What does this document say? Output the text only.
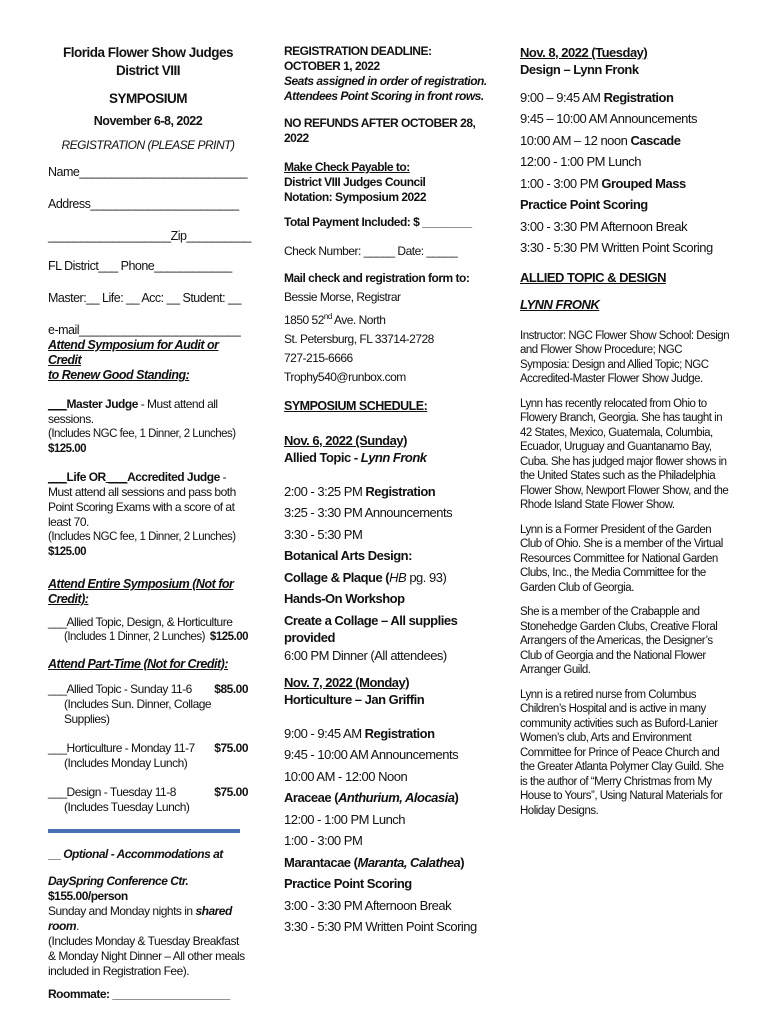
Florida Flower Show Judges

District VIII

SYMPOSIUM

November 6-8, 2022

REGISTRATION (PLEASE PRINT)

Name__________________________

Address_______________________

___________________Zip__________

FL District___ Phone____________

Master:__ Life: __ Acc: __ Student: __

e-mail_________________________

Attend Symposium for Audit or Credit
to Renew Good Standing:

___Master Judge - Must attend all sessions.

(Includes NGC fee, 1 Dinner, 2 Lunches) $125.00

___Life OR ___Accredited Judge - Must attend all sessions and pass both Point Scoring Exams with a score of at least 70.

(Includes NGC fee, 1 Dinner, 2 Lunches) $125.00

Attend Entire Symposium (Not for Credit):

___Allied Topic, Design, & Horticulture

(Includes 1 Dinner, 2 Lunches) $125.00

Attend Part-Time (Not for Credit):

___Allied Topic - Sunday 11-6 $85.00

(Includes Sun. Dinner, Collage Supplies)

___Horticulture - Monday 11-7 $75.00

(Includes Monday Lunch)

___Design - Tuesday 11-8	$75.00

(Includes Tuesday Lunch)

__ Optional - Accommodations at

DaySpring Conference Ctr. $155.00/person

Sunday and Monday nights in shared room.

(Includes Monday & Tuesday Breakfast & Monday Night Dinner – All other meals included in Registration Fee).

Roommate: ___________________

REGISTRATION DEADLINE:

OCTOBER 1, 2022

Seats assigned in order of registration.

Attendees Point Scoring in front rows.

NO REFUNDS AFTER OCTOBER 28, 2022

Make Check Payable to:

District VIII Judges Council

Notation: Symposium 2022

Total Payment Included: $ ________

Check Number: _____ Date: _____

Mail check and registration form to:

Bessie Morse, Registrar

1850 52nd Ave. North

St. Petersburg, FL 33714-2728

727-215-6666

Trophy540@runbox.com

SYMPOSIUM SCHEDULE:

Nov. 6, 2022 (Sunday)

Allied Topic - Lynn Fronk

2:00 - 3:25 PM Registration

3:25 - 3:30 PM Announcements

3:30 - 5:30 PM

Botanical Arts Design:

Collage & Plaque (HB pg. 93)

Hands-On Workshop

Create a Collage – All supplies provided

6:00 PM Dinner (All attendees)

Nov. 7, 2022 (Monday)

Horticulture – Jan Griffin

9:00 - 9:45 AM Registration

9:45 - 10:00 AM Announcements

10:00 AM - 12:00 Noon

Araceae (Anthurium, Alocasia)

12:00 - 1:00 PM Lunch

1:00 - 3:00 PM

Marantacae (Maranta, Calathea)

Practice Point Scoring

3:00 - 3:30 PM Afternoon Break

3:30 - 5:30 PM Written Point Scoring

Nov. 8, 2022 (Tuesday)

Design – Lynn Fronk

9:00 – 9:45 AM Registration

9:45 – 10:00 AM Announcements

10:00 AM – 12 noon Cascade

12:00 - 1:00 PM Lunch

1:00 - 3:00 PM Grouped Mass

Practice Point Scoring

3:00 - 3:30 PM Afternoon Break

3:30 - 5:30 PM Written Point Scoring

ALLIED TOPIC & DESIGN

LYNN FRONK

Instructor: NGC Flower Show School: Design and Flower Show Procedure; NGC Symposia: Design and Allied Topic; NGC Accredited-Master Flower Show Judge.

Lynn has recently relocated from Ohio to Flowery Branch, Georgia. She has taught in 42 States, Mexico, Guatemala, Columbia, Ecuador, Uruguay and Guantanamo Bay, Cuba. She has judged major flower shows in the United States such as the Philadelphia Flower Show, Newport Flower Show, and the Rhode Island State Flower Show.

Lynn is a Former President of the Garden Club of Ohio. She is a member of the Virtual Resources Committee for National Garden Clubs, Inc., the Media Committee for the Garden Club of Georgia.

She is a member of the Crabapple and Stonehedge Garden Clubs, Creative Floral Arrangers of the Americas, the Designer’s Club of Georgia and the National Flower Arranger Guild.

Lynn is a retired nurse from Columbus Children’s Hospital and is active in many community activities such as Buford-Lanier Women’s club, Arts and Environment Committee for Prince of Peace Church and the Greater Atlanta Polymer Clay Guild. She is the author of “Merry Christmas from My House to Yours”, Using Natural Materials for Holiday Designs.
